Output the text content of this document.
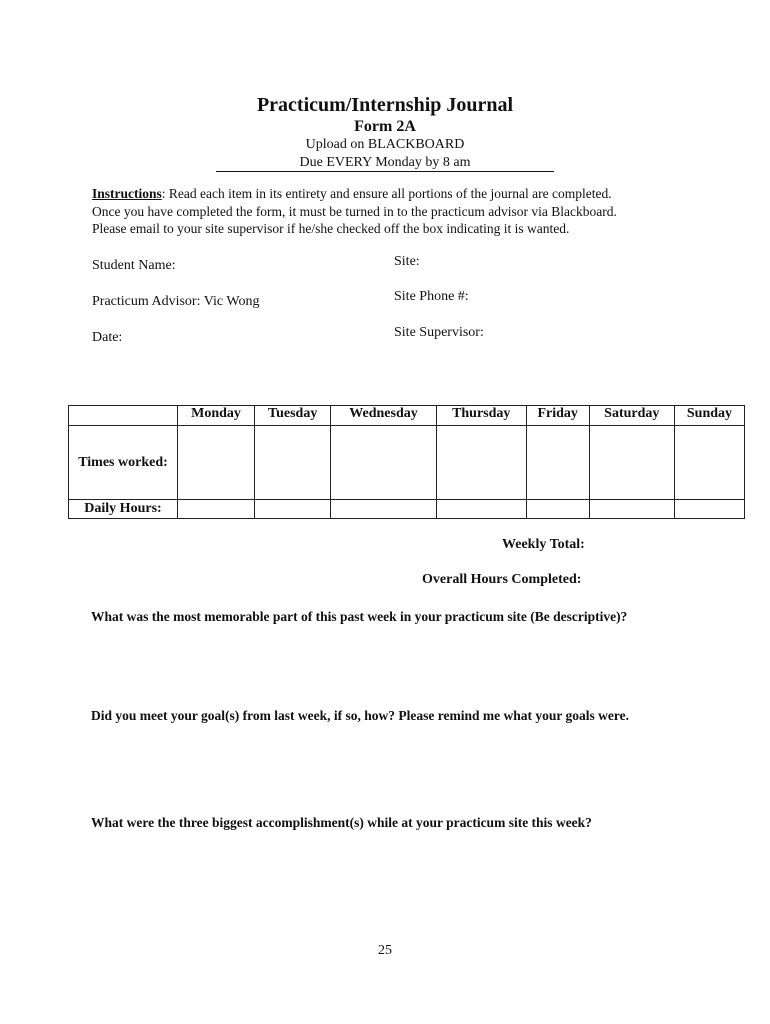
Practicum/Internship Journal
Form 2A
Upload on BLACKBOARD
Due EVERY Monday by 8 am
Instructions: Read each item in its entirety and ensure all portions of the journal are completed.
Once you have completed the form, it must be turned in to the practicum advisor via Blackboard.
Please email to your site supervisor if he/she checked off the box indicating it is wanted.
Student Name:
Practicum Advisor: Vic Wong
Date:
Site:
Site Phone #:
Site Supervisor:
	Monday	Tuesday	Wednesday	Thursday	Friday	Saturday	Sunday
Times worked:							
Daily Hours:							
Weekly Total:
Overall Hours Completed:
What was the most memorable part of this past week in your practicum site (Be descriptive)?
Did you meet your goal(s) from last week, if so, how? Please remind me what your goals were.
What were the three biggest accomplishment(s) while at your practicum site this week?
25
